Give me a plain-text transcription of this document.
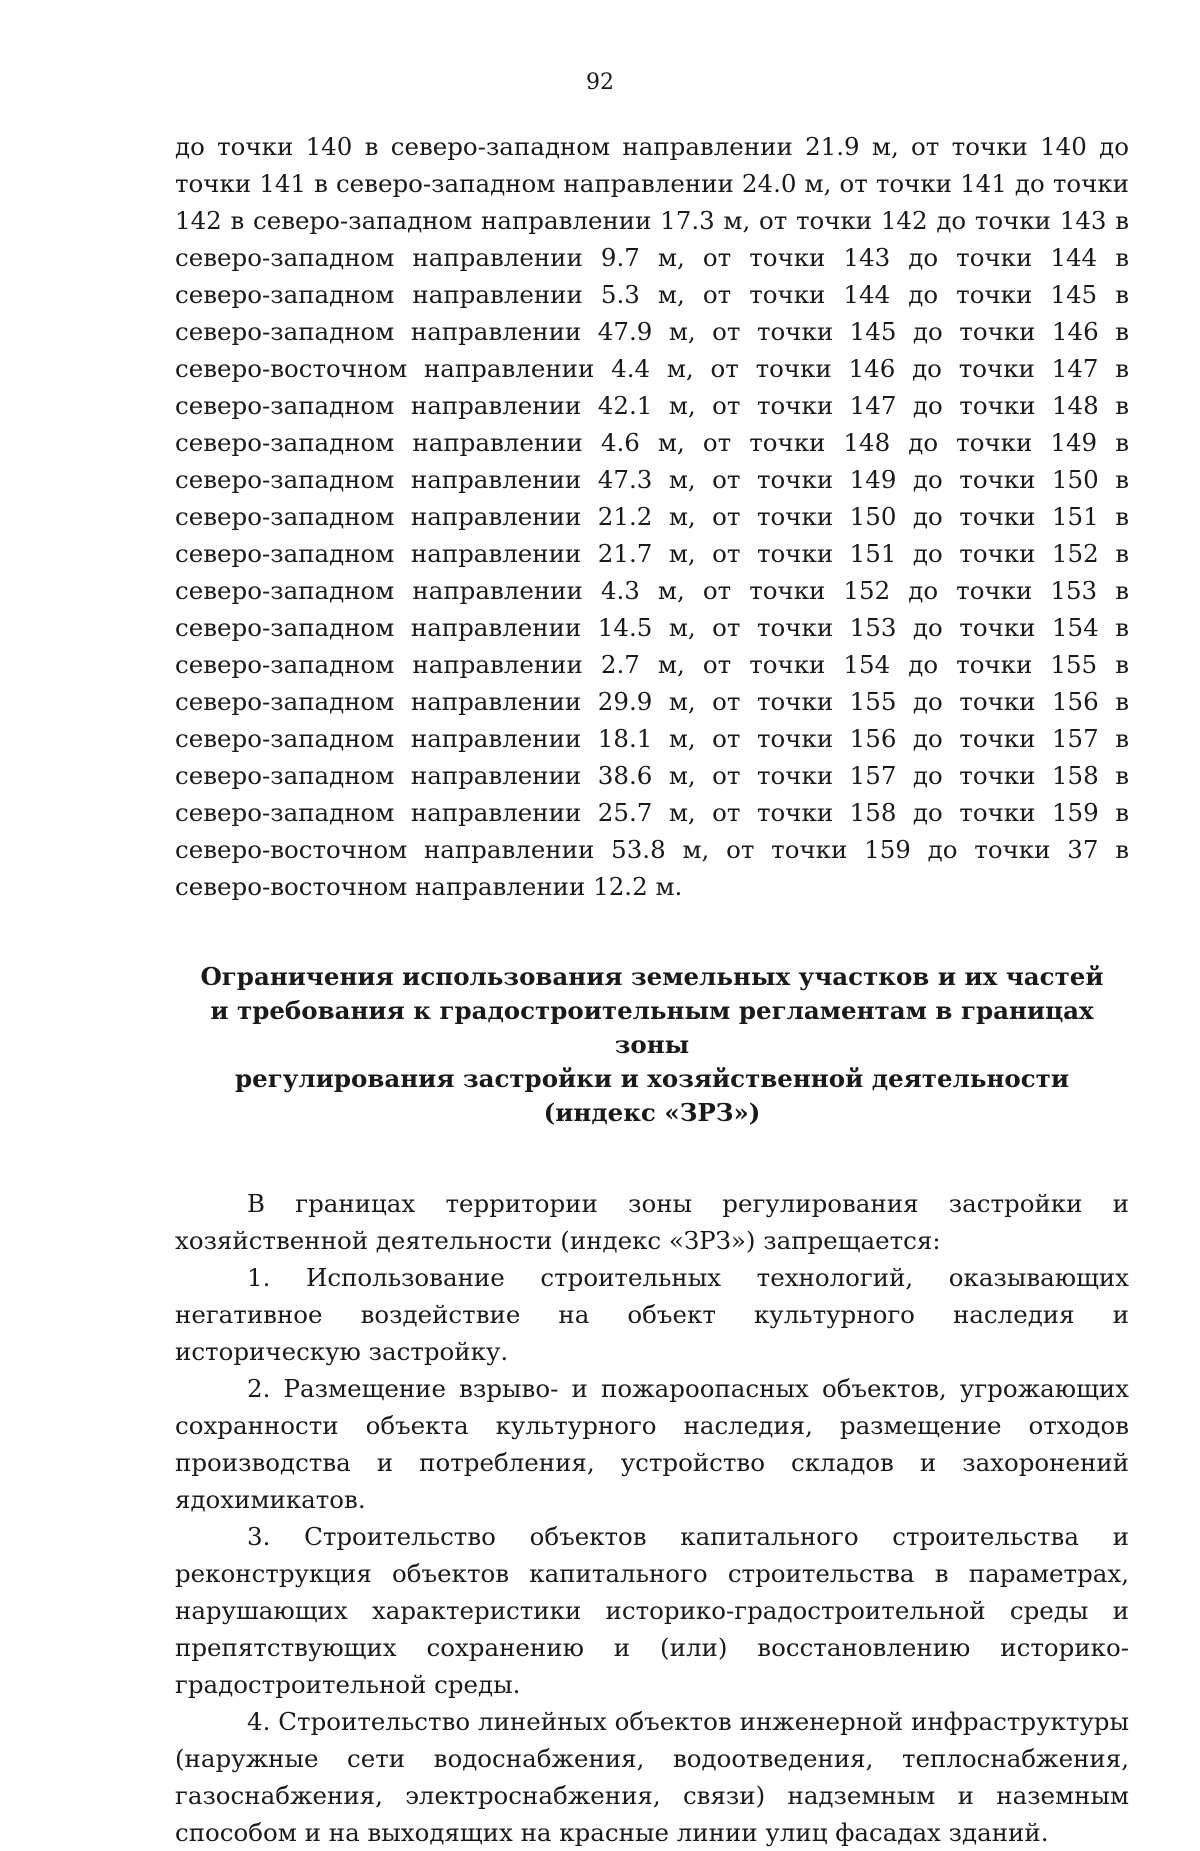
92

до точки 140 в северо-западном направлении 21.9 м, от точки 140 до точки 141 в северо-западном направлении 24.0 м, от точки 141 до точки 142 в северо-западном направлении 17.3 м, от точки 142 до точки 143 в северо-западном направлении 9.7 м, от точки 143 до точки 144 в северо-западном направлении 5.3 м, от точки 144 до точки 145 в северо-западном направлении 47.9 м, от точки 145 до точки 146 в северо-восточном направлении 4.4 м, от точки 146 до точки 147 в северо-западном направлении 42.1 м, от точки 147 до точки 148 в северо-западном направлении 4.6 м, от точки 148 до точки 149 в северо-западном направлении 47.3 м, от точки 149 до точки 150 в северо-западном направлении 21.2 м, от точки 150 до точки 151 в северо-западном направлении 21.7 м, от точки 151 до точки 152 в северо-западном направлении 4.3 м, от точки 152 до точки 153 в северо-западном направлении 14.5 м, от точки 153 до точки 154 в северо-западном направлении 2.7 м, от точки 154 до точки 155 в северо-западном направлении 29.9 м, от точки 155 до точки 156 в северо-западном направлении 18.1 м, от точки 156 до точки 157 в северо-западном направлении 38.6 м, от точки 157 до точки 158 в северо-западном направлении 25.7 м, от точки 158 до точки 159 в северо-восточном направлении 53.8 м, от точки 159 до точки 37 в северо-восточном направлении 12.2 м.

Ограничения использования земельных участков и их частей
и требования к градостроительным регламентам в границах зоны
регулирования застройки и хозяйственной деятельности
(индекс «ЗРЗ»)

В границах территории зоны регулирования застройки и хозяйственной деятельности (индекс «ЗРЗ») запрещается:

1. Использование строительных технологий, оказывающих негативное воздействие на объект культурного наследия и историческую застройку.

2. Размещение взрыво- и пожароопасных объектов, угрожающих сохранности объекта культурного наследия, размещение отходов производства и потребления, устройство складов и захоронений ядохимикатов.

3. Строительство объектов капитального строительства и реконструкция объектов капитального строительства в параметрах, нарушающих характеристики историко-градостроительной среды и препятствующих сохранению и (или) восстановлению историко-градостроительной среды.

4. Строительство линейных объектов инженерной инфраструктуры (наружные сети водоснабжения, водоотведения, теплоснабжения, газоснабжения, электроснабжения, связи) надземным и наземным способом и на выходящих на красные линии улиц фасадах зданий.
